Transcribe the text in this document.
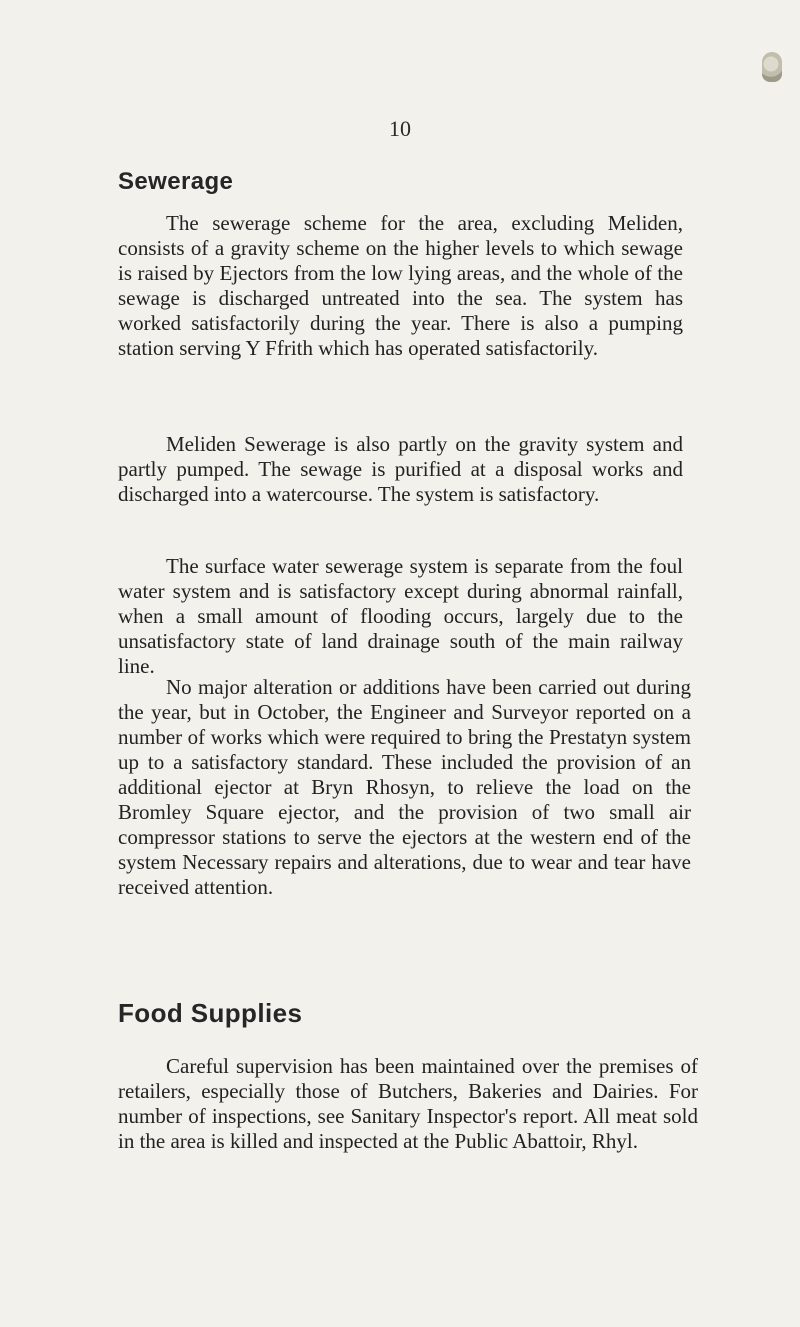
10
Sewerage

The sewerage scheme for the area, excluding Meliden, consists of a gravity scheme on the higher levels to which sewage is raised by Ejectors from the low lying areas, and the whole of the sewage is discharged untreated into the sea. The system has worked satisfactorily during the year. There is also a pumping station serving Y Ffrith which has operated satisfactorily.

Meliden Sewerage is also partly on the gravity system and partly pumped. The sewage is purified at a disposal works and discharged into a watercourse. The system is satisfactory.

The surface water sewerage system is separate from the foul water system and is satisfactory except during abnormal rainfall, when a small amount of flooding occurs, largely due to the unsatisfactory state of land drainage south of the main railway line.

No major alteration or additions have been carried out during the year, but in October, the Engineer and Surveyor reported on a number of works which were required to bring the Prestatyn system up to a satisfactory standard. These included the provision of an additional ejector at Bryn Rhosyn, to relieve the load on the Bromley Square ejector, and the provision of two small air compressor stations to serve the ejectors at the western end of the system Necessary repairs and alterations, due to wear and tear have received attention.

Food Supplies

Careful supervision has been maintained over the premises of retailers, especially those of Butchers, Bakeries and Dairies. For number of inspections, see Sanitary Inspector's report. All meat sold in the area is killed and inspected at the Public Abattoir, Rhyl.
